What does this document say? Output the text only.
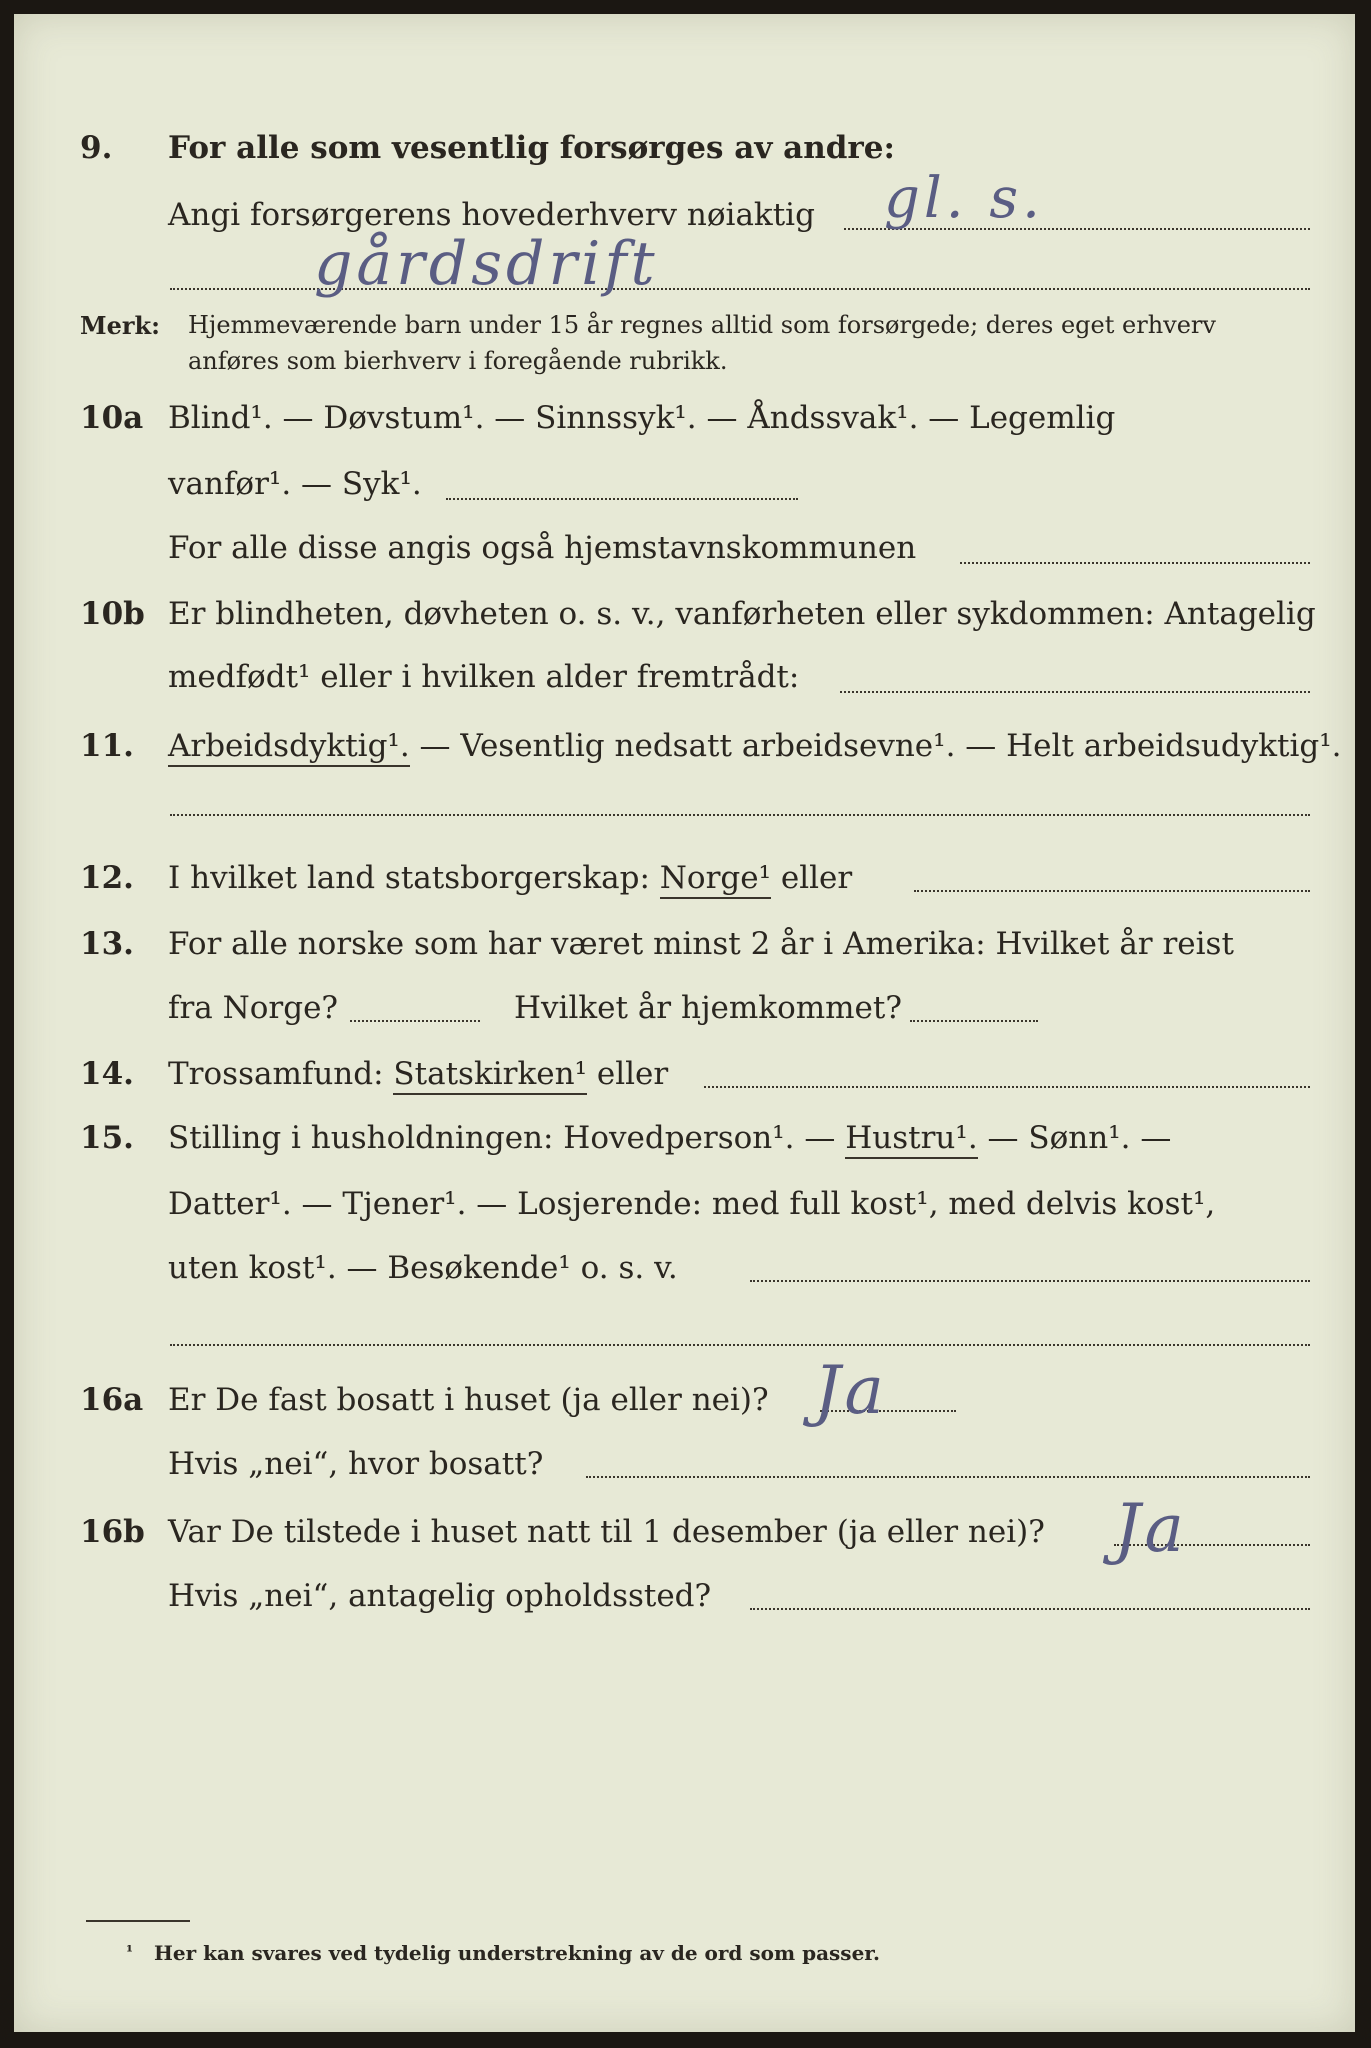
9. For alle som vesentlig forsørges av andre:
Angi forsørgerens hovederhverv nøiaktig gl. s.
gårdsdrift
Merk: Hjemmeværende barn under 15 år regnes alltid som forsørgede; deres eget erhverv
anføres som bierhverv i foregående rubrikk.
10a Blind¹. — Døvstum¹. — Sinnssyk¹. — Åndssvak¹. — Legemlig
vanfør¹. — Syk¹.
For alle disse angis også hjemstavnskommunen
10b Er blindheten, døvheten o. s. v., vanførheten eller sykdommen: Antagelig
medfødt¹ eller i hvilken alder fremtrådt:
11. Arbeidsdyktig¹. — Vesentlig nedsatt arbeidsevne¹. — Helt arbeidsudyktig¹.
12. I hvilket land statsborgerskap: Norge¹ eller
13. For alle norske som har været minst 2 år i Amerika: Hvilket år reist
fra Norge?	Hvilket år hjemkommet?
14. Trossamfund: Statskirken¹ eller
15. Stilling i husholdningen: Hovedperson¹. — Hustru¹. — Sønn¹. —
Datter¹. — Tjener¹. — Losjerende: med full kost¹, med delvis kost¹,
uten kost¹. — Besøkende¹ o. s. v.
16a Er De fast bosatt i huset (ja eller nei)? Ja
Hvis „nei“, hvor bosatt?
16b Var De tilstede i huset natt til 1 desember (ja eller nei)? Ja
Hvis „nei“, antagelig opholdssted?
¹ Her kan svares ved tydelig understrekning av de ord som passer.
